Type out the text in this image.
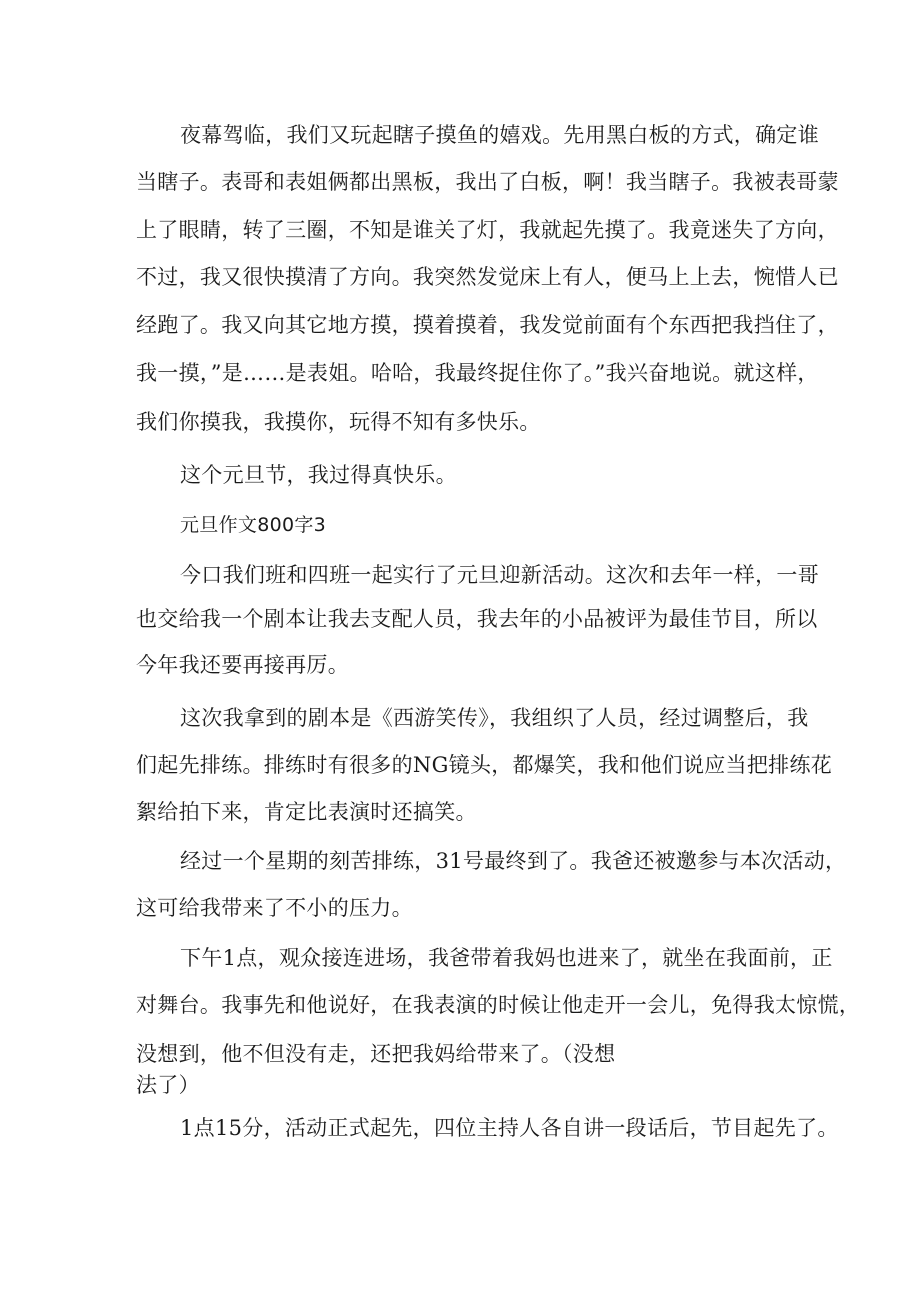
夜幕驾临，我们又玩起瞎子摸鱼的嬉戏。先用黑白板的方式，确定谁
当瞎子。表哥和表姐俩都出黑板，我出了白板，啊！我当瞎子。我被表哥蒙
上了眼睛，转了三圈，不知是谁关了灯，我就起先摸了。我竟迷失了方向，
不过，我又很快摸清了方向。我突然发觉床上有人，便马上上去，惋惜人已
经跑了。我又向其它地方摸，摸着摸着，我发觉前面有个东西把我挡住了，
我一摸，”是……是表姐。哈哈，我最终捉住你了。”我兴奋地说。就这样，
我们你摸我，我摸你，玩得不知有多快乐。
这个元旦节，我过得真快乐。
元旦作文800字3
今口我们班和四班一起实行了元旦迎新活动。这次和去年一样，一哥
也交给我一个剧本让我去支配人员，我去年的小品被评为最佳节目，所以
今年我还要再接再厉。
这次我拿到的剧本是《西游笑传》，我组织了人员，经过调整后，我
们起先排练。排练时有很多的NG镜头，都爆笑，我和他们说应当把排练花
絮给拍下来，肯定比表演时还搞笑。
经过一个星期的刻苦排练，31号最终到了。我爸还被邀参与本次活动，
这可给我带来了不小的压力。
下午1点，观众接连进场，我爸带着我妈也进来了，就坐在我面前，正
对舞台。我事先和他说好，在我表演的时候让他走开一会儿，免得我太惊慌，
没想到，他不但没有走，还把我妈给带来了。（没想
法了）
1点15分，活动正式起先，四位主持人各自讲一段话后，节目起先了。
